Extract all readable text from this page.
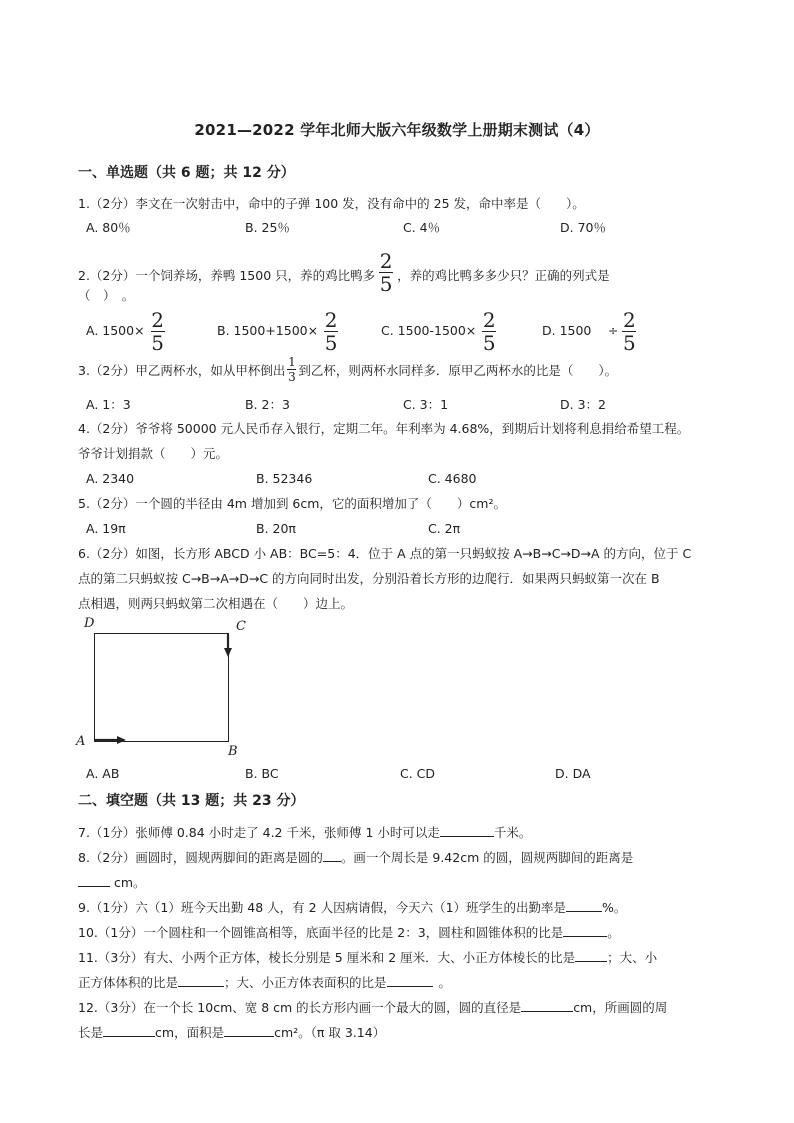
2021—2022 学年北师大版六年级数学上册期末测试（4）
一、单选题（共 6 题；共 12 分）
1.（2分）李文在一次射击中，命中的子弹 100 发，没有命中的 25 发，命中率是（　　）。
A. 80％	B. 25％	C. 4％	D. 70％
2.（2分）一个饲养场，养鸭 1500 只，养的鸡比鸭多 $\frac{2}{5}$ ，养的鸡比鸭多多少只？正确的列式是
（　）　。
A. $1500\times \frac{2}{5}$	B. $1500+1500\times \frac{2}{5}$	C. $1500-1500\times \frac{2}{5}$	D. 1500 　÷ $\frac{2}{5}$
3.（2分）甲乙两杯水，如从甲杯倒出 $\frac{1}{3}$ 到乙杯，则两杯水同样多．原甲乙两杯水的比是（　　）。
A. 1：3	B. 2：3	C. 3：1	D. 3：2
4.（2分）爷爷将 50000 元人民币存入银行，定期二年。年利率为 4.68%，到期后计划将利息捐给希望工程。
爷爷计划捐款（　　）元。
A. 2340	B. 52346	C. 4680
5.（2分）一个圆的半径由 4m 增加到 6cm，它的面积增加了（　　）cm²。
A. 19π	B. 20π	C. 2π
6.（2分）如图，长方形 ABCD 小 AB：BC=5：4．位于 A 点的第一只蚂蚁按 A→B→C→D→A 的方向，位于 C
点的第二只蚂蚁按 C→B→A→D→C 的方向同时出发，分别沿着长方形的边爬行．如果两只蚂蚁第一次在 B
点相遇，则两只蚂蚁第二次相遇在（　　）边上。
D	C
A
B
A. AB	B. BC	C. CD	D. DA
二、填空题（共 13 题；共 23 分）
7.（1分）张师傅 0.84 小时走了 4.2 千米，张师傅 1 小时可以走	千米。
8.（2分）画圆时，圆规两脚间的距离是圆的 。画一个周长是 9.42cm 的圆，圆规两脚间的距离是
cm。
9.（1分）六（1）班今天出勤 48 人，有 2 人因病请假，今天六（1）班学生的出勤率是	%。
10.（1分）一个圆柱和一个圆锥高相等，底面半径的比是 2：3，圆柱和圆锥体积的比是	。
11.（3分）有大、小两个正方体，棱长分别是 5 厘米和 2 厘米．大、小正方体棱长的比是	；大、小
正方体体积的比是	；大、小正方体表面积的比是	。
12.（3分）在一个长 10cm、宽 8 cm 的长方形内画一个最大的圆，圆的直径是	cm，所画圆的周
长是	cm，面积是	cm²。（π 取 3.14）
